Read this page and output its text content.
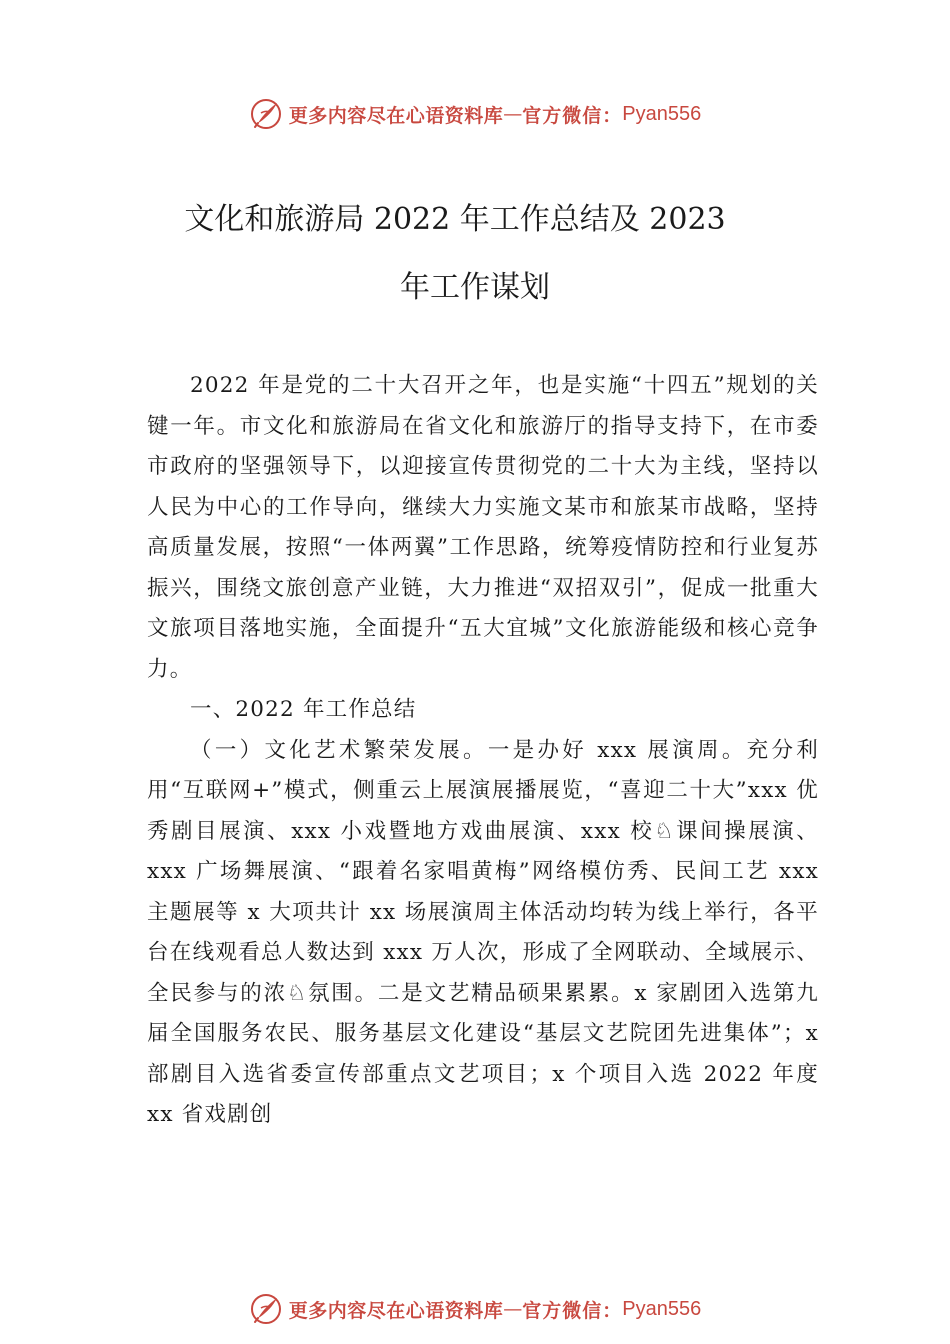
更多内容尽在心语资料库 — 官方微信： Pyan556
文化和旅游局 2022 年工作总结及 2023
年工作谋划

2022 年是党的二十大召开之年，也是实施“十四五”规划的关键一年。市文化和旅游局在省文化和旅游厅的指导支持下，在市委市政府的坚强领导下，以迎接宣传贯彻党的二十大为主线，坚持以人民为中心的工作导向，继续大力实施文某市和旅某市战略，坚持高质量发展，按照“一体两翼”工作思路，统筹疫情防控和行业复苏振兴，围绕文旅创意产业链，大力推进“双招双引”，促成一批重大文旅项目落地实施，全面提升“五大宜城”文化旅游能级和核心竞争力。

一、2022 年工作总结

（一）文化艺术繁荣发展。一是办好 xxx 展演周。充分利用“互联网+”模式，侧重云上展演展播展览，“喜迎二十大”xxx 优秀剧目展演、xxx 小戏暨地方戏曲展演、xxx 校♘课间操展演、xxx 广场舞展演、“跟着名家唱黄梅”网络模仿秀、民间工艺 xxx 主题展等 x 大项共计 xx 场展演周主体活动均转为线上举行，各平台在线观看总人数达到 xxx 万人次，形成了全网联动、全域展示、全民参与的浓♘氛围。二是文艺精品硕果累累。x 家剧团入选第九届全国服务农民、服务基层文化建设“基层文艺院团先进集体”；x 部剧目入选省委宣传部重点文艺项目；x 个项目入选 2022 年度 xx 省戏剧创

更多内容尽在心语资料库 — 官方微信： Pyan556
